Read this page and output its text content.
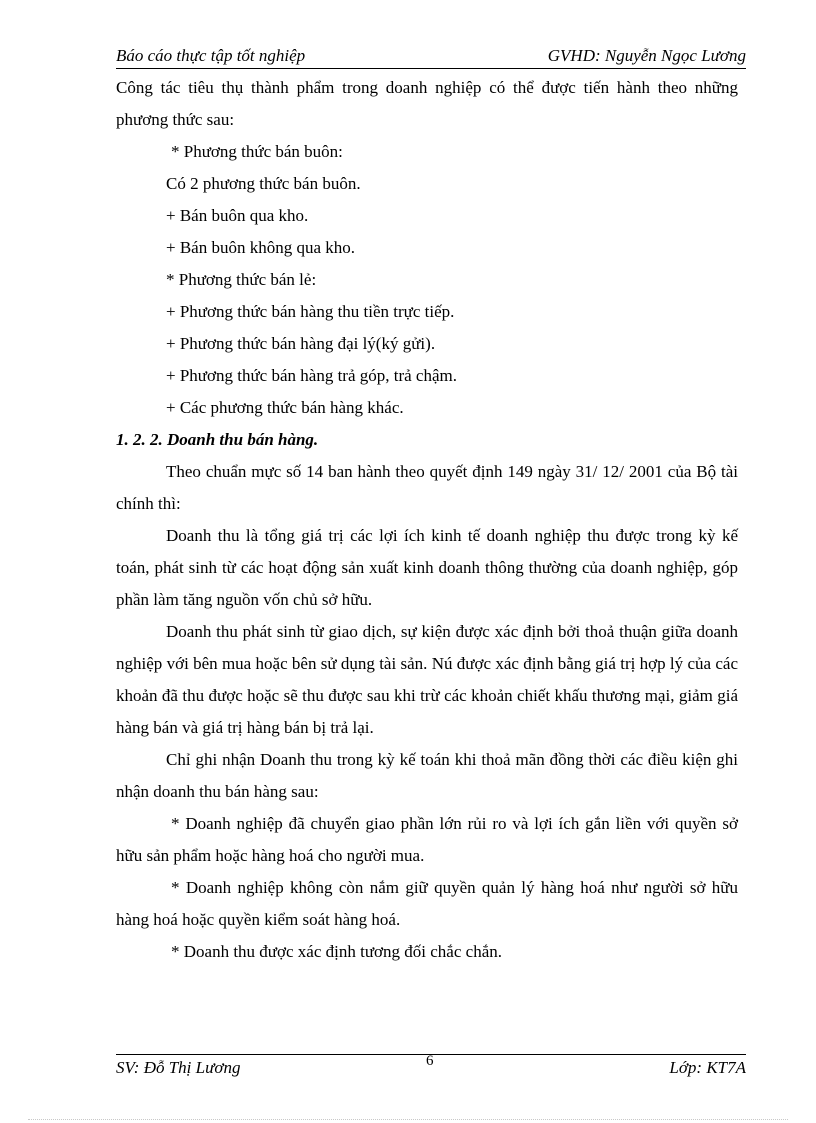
Báo cáo thực tập tốt nghiệp	GVHD: Nguyễn Ngọc Lương

Công tác tiêu thụ thành phẩm trong doanh nghiệp có thể được tiến hành theo những phương thức sau:

* Phương thức bán buôn:

Có 2 phương thức bán buôn.

+ Bán buôn qua kho.

+ Bán buôn không qua kho.

* Phương thức bán lẻ:

+ Phương thức bán hàng thu tiền trực tiếp.

+ Phương thức bán hàng đại lý(ký gửi).

+ Phương thức bán hàng trả góp, trả chậm.

+ Các phương thức bán hàng khác.

1. 2. 2. Doanh thu bán hàng.

Theo chuẩn mực số 14 ban hành theo quyết định 149 ngày 31/ 12/ 2001 của Bộ tài chính thì:

Doanh thu là tổng giá trị các lợi ích kinh tế doanh nghiệp thu được trong kỳ kế toán, phát sinh từ các hoạt động sản xuất kinh doanh thông thường của doanh nghiệp, góp phần làm tăng nguồn vốn chủ sở hữu.

Doanh thu phát sinh từ giao dịch, sự kiện được xác định bởi thoả thuận giữa doanh nghiệp với bên mua hoặc bên sử dụng tài sản. Nú được xác định bằng giá trị hợp lý của các khoản đã thu được hoặc sẽ thu được sau khi trừ các khoản chiết khấu thương mại, giảm giá hàng bán và giá trị hàng bán bị trả lại.

Chỉ ghi nhận Doanh thu trong kỳ kế toán khi thoả mãn đồng thời các điều kiện ghi nhận doanh thu bán hàng sau:

* Doanh nghiệp đã chuyển giao phần lớn rủi ro và lợi ích gắn liền với quyền sở hữu sản phẩm hoặc hàng hoá cho người mua.

* Doanh nghiệp không còn nắm giữ quyền quản lý hàng hoá như người sở hữu hàng hoá hoặc quyền kiểm soát hàng hoá.

* Doanh thu được xác định tương đối chắc chắn.

SV: Đỗ Thị Lương	6	Lớp: KT7A
